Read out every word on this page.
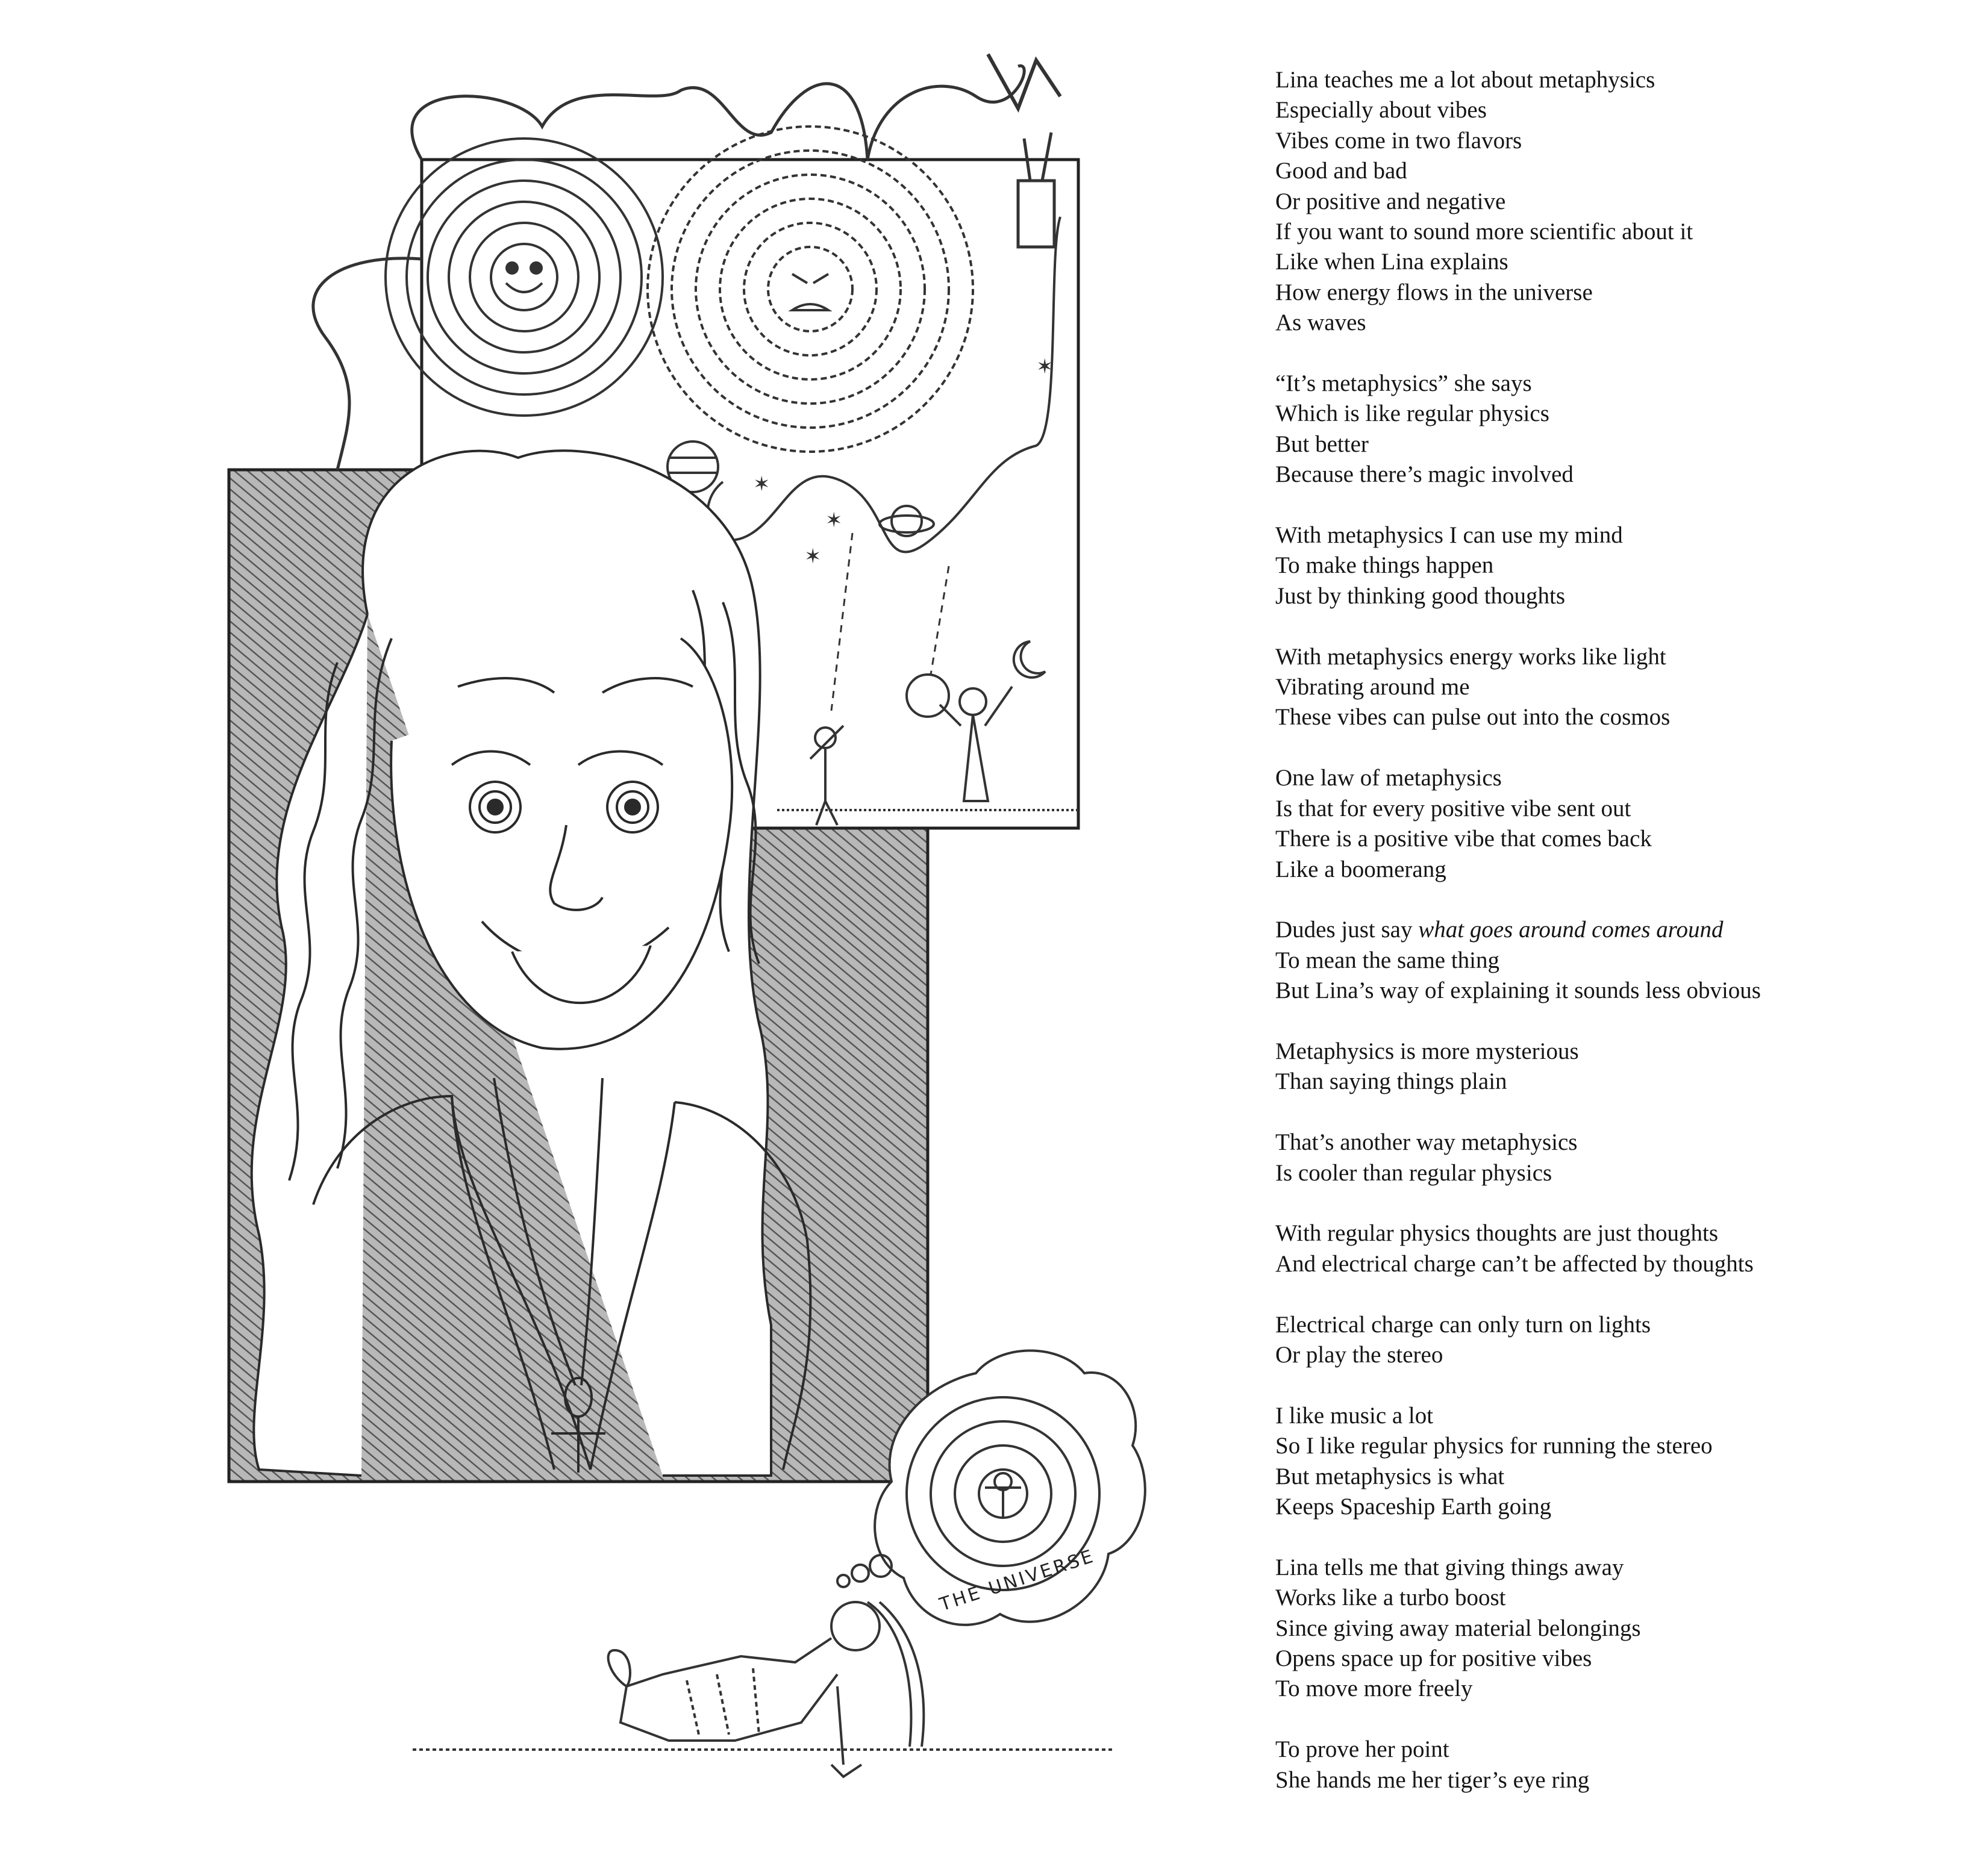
✶
✶
✶
✶
THE UNIVERSE
Lina teaches me a lot about metaphysics
Especially about vibes
Vibes come in two flavors
Good and bad
Or positive and negative
If you want to sound more scientific about it
Like when Lina explains
How energy flows in the universe
As waves
“It’s metaphysics” she says
Which is like regular physics
But better
Because there’s magic involved
With metaphysics I can use my mind
To make things happen
Just by thinking good thoughts
With metaphysics energy works like light
Vibrating around me
These vibes can pulse out into the cosmos
One law of metaphysics
Is that for every positive vibe sent out
There is a positive vibe that comes back
Like a boomerang
Dudes just say what goes around comes around
To mean the same thing
But Lina’s way of explaining it sounds less obvious
Metaphysics is more mysterious
Than saying things plain
That’s another way metaphysics
Is cooler than regular physics
With regular physics thoughts are just thoughts
And electrical charge can’t be affected by thoughts
Electrical charge can only turn on lights
Or play the stereo
I like music a lot
So I like regular physics for running the stereo
But metaphysics is what
Keeps Spaceship Earth going
Lina tells me that giving things away
Works like a turbo boost
Since giving away material belongings
Opens space up for positive vibes
To move more freely
To prove her point
She hands me her tiger’s eye ring
